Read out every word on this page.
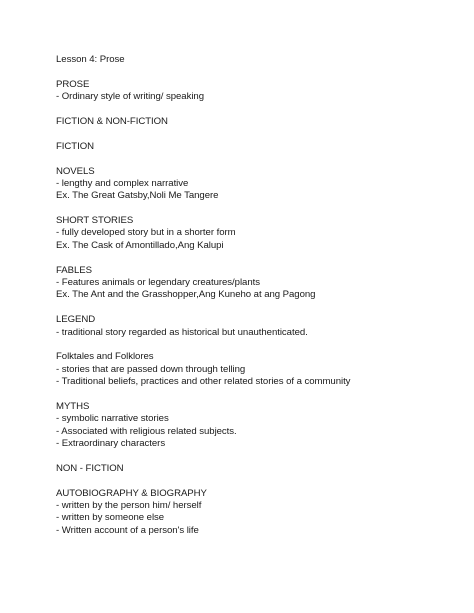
Lesson 4: Prose
PROSE
- Ordinary style of writing/ speaking
FICTION & NON-FICTION
FICTION
NOVELS
- lengthy and complex narrative
Ex. The Great Gatsby,Noli Me Tangere
SHORT STORIES
- fully developed story but in a shorter form
Ex. The Cask of Amontillado,Ang Kalupi
FABLES
- Features animals or legendary creatures/plants
Ex. The Ant and the Grasshopper,Ang Kuneho at ang Pagong
LEGEND
- traditional story regarded as historical but unauthenticated.
Folktales and Folklores
- stories that are passed down through telling
- Traditional beliefs, practices and other related stories of a community
MYTHS
- symbolic narrative stories
- Associated with religious related subjects.
- Extraordinary characters
NON - FICTION
AUTOBIOGRAPHY & BIOGRAPHY
- written by the person him/ herself
- written by someone else
- Written account of a person's life
